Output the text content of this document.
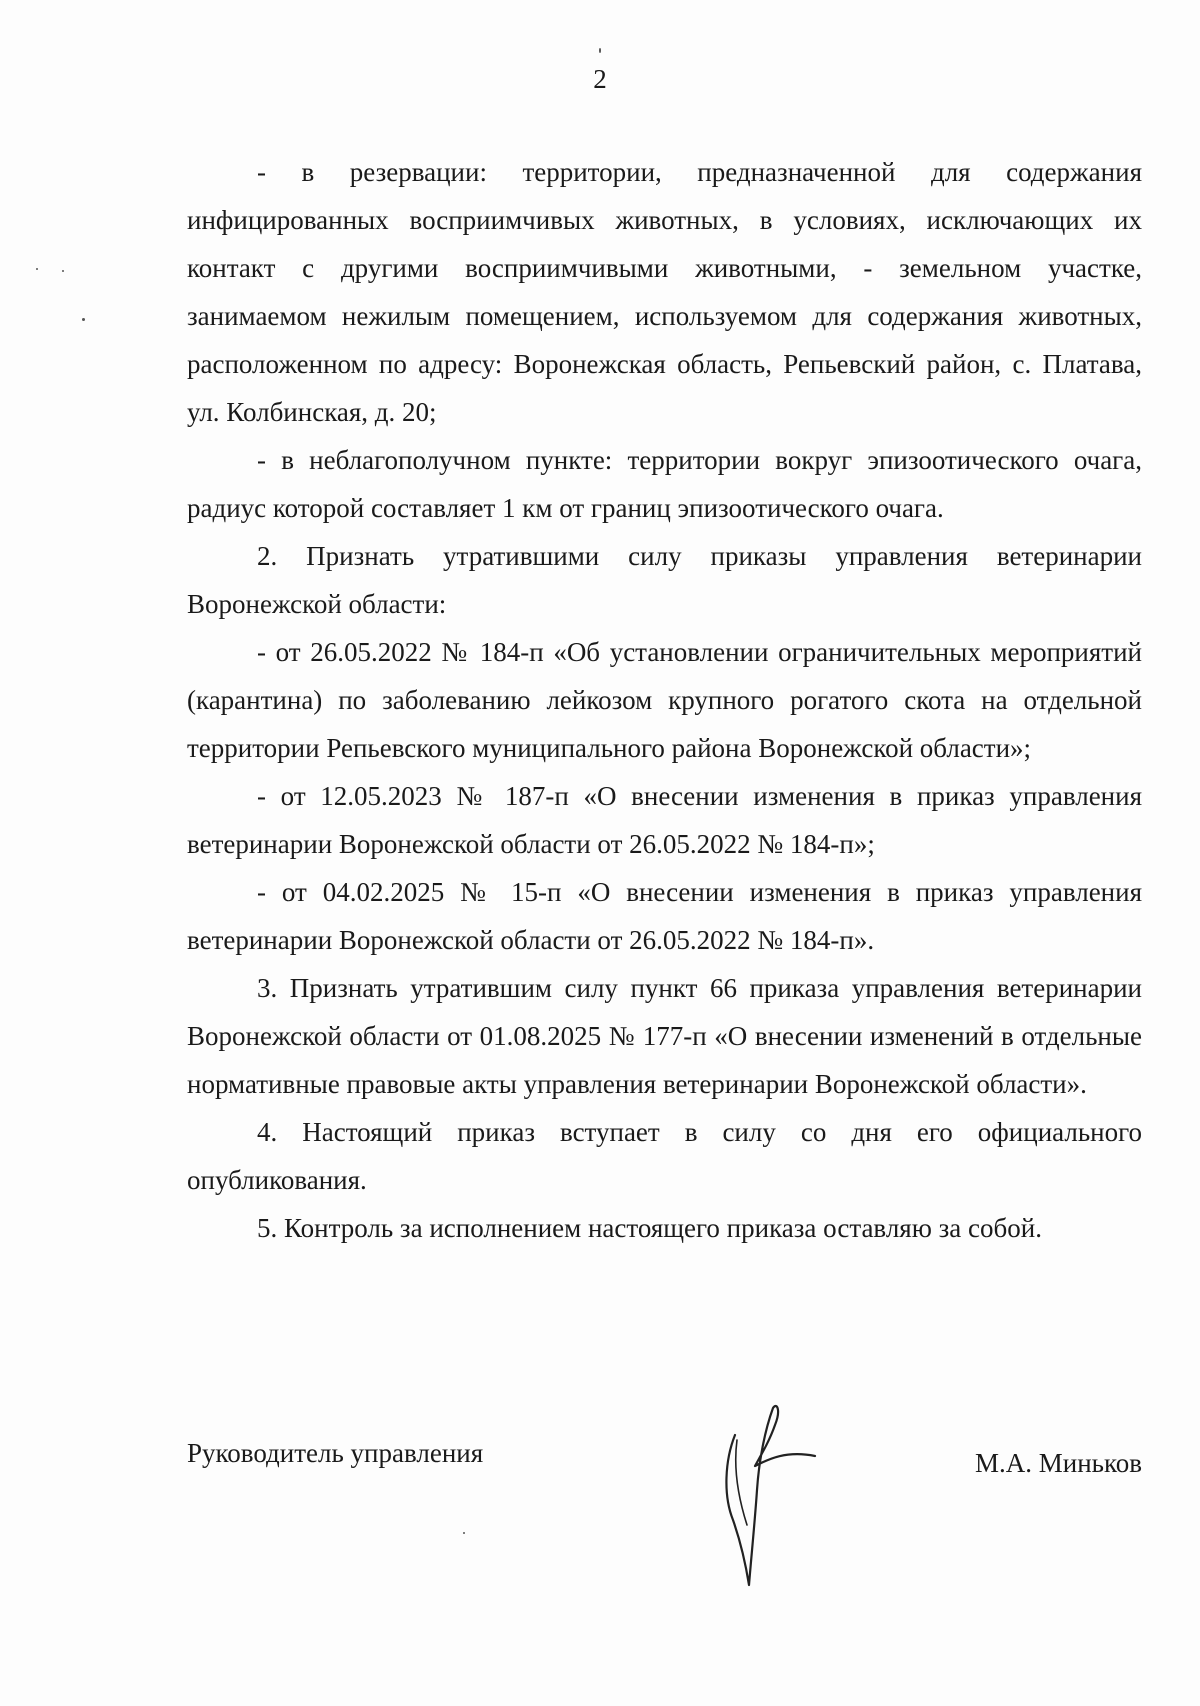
2

- в резервации: территории, предназначенной для содержания инфицированных восприимчивых животных, в условиях, исключающих их контакт с другими восприимчивыми животными, - земельном участке, занимаемом нежилым помещением, используемом для содержания животных, расположенном по адресу: Воронежская область, Репьевский район, с. Платава, ул. Колбинская, д. 20;

- в неблагополучном пункте: территории вокруг эпизоотического очага, радиус которой составляет 1 км от границ эпизоотического очага.

2. Признать утратившими силу приказы управления ветеринарии Воронежской области:

- от 26.05.2022 № 184-п «Об установлении ограничительных мероприятий (карантина) по заболеванию лейкозом крупного рогатого скота на отдельной территории Репьевского муниципального района Воронежской области»;

- от 12.05.2023 № 187-п «О внесении изменения в приказ управления ветеринарии Воронежской области от 26.05.2022 № 184-п»;

- от 04.02.2025 № 15-п «О внесении изменения в приказ управления ветеринарии Воронежской области от 26.05.2022 № 184-п».

3. Признать утратившим силу пункт 66 приказа управления ветеринарии Воронежской области от 01.08.2025 № 177-п «О внесении изменений в отдельные нормативные правовые акты управления ветеринарии Воронежской области».

4. Настоящий приказ вступает в силу со дня его официального опубликования.

5. Контроль за исполнением настоящего приказа оставляю за собой.

Руководитель управления	М.А. Миньков
